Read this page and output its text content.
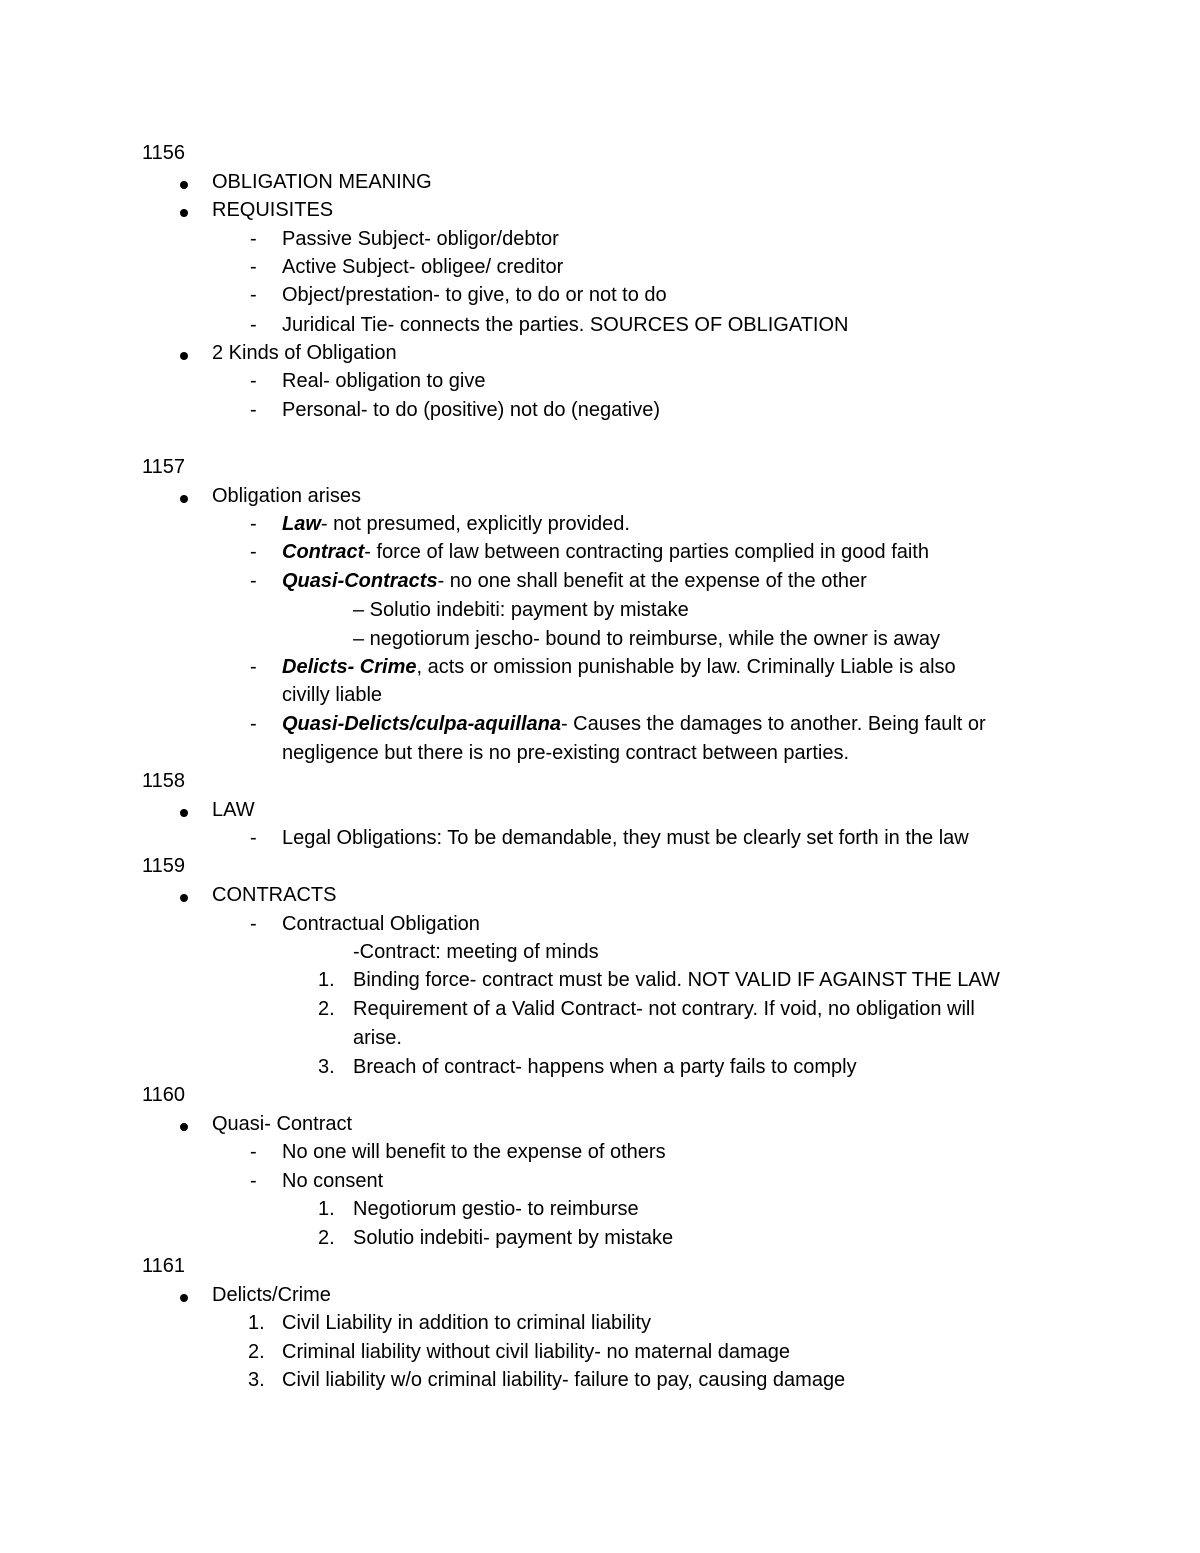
1156
OBLIGATION MEANING
REQUISITES
- Passive Subject- obligor/debtor
- Active Subject- obligee/ creditor
- Object/prestation- to give, to do or not to do
- Juridical Tie- connects the parties. SOURCES OF OBLIGATION
2 Kinds of Obligation
- Real- obligation to give
- Personal- to do (positive) not do (negative)
1157
Obligation arises
- Law- not presumed, explicitly provided.
- Contract- force of law between contracting parties complied in good faith
- Quasi-Contracts- no one shall benefit at the expense of the other
– Solutio indebiti: payment by mistake
– negotiorum jescho- bound to reimburse, while the owner is away
- Delicts- Crime, acts or omission punishable by law. Criminally Liable is also
civilly liable
- Quasi-Delicts/culpa-aquillana- Causes the damages to another. Being fault or
negligence but there is no pre-existing contract between parties.
1158
LAW
- Legal Obligations: To be demandable, they must be clearly set forth in the law
1159
CONTRACTS
- Contractual Obligation
-Contract: meeting of minds
1. Binding force- contract must be valid. NOT VALID IF AGAINST THE LAW
2. Requirement of a Valid Contract- not contrary. If void, no obligation will
arise.
3. Breach of contract- happens when a party fails to comply
1160
Quasi- Contract
- No one will benefit to the expense of others
- No consent
1. Negotiorum gestio- to reimburse
2. Solutio indebiti- payment by mistake
1161
Delicts/Crime
1. Civil Liability in addition to criminal liability
2. Criminal liability without civil liability- no maternal damage
3. Civil liability w/o criminal liability- failure to pay, causing damage
